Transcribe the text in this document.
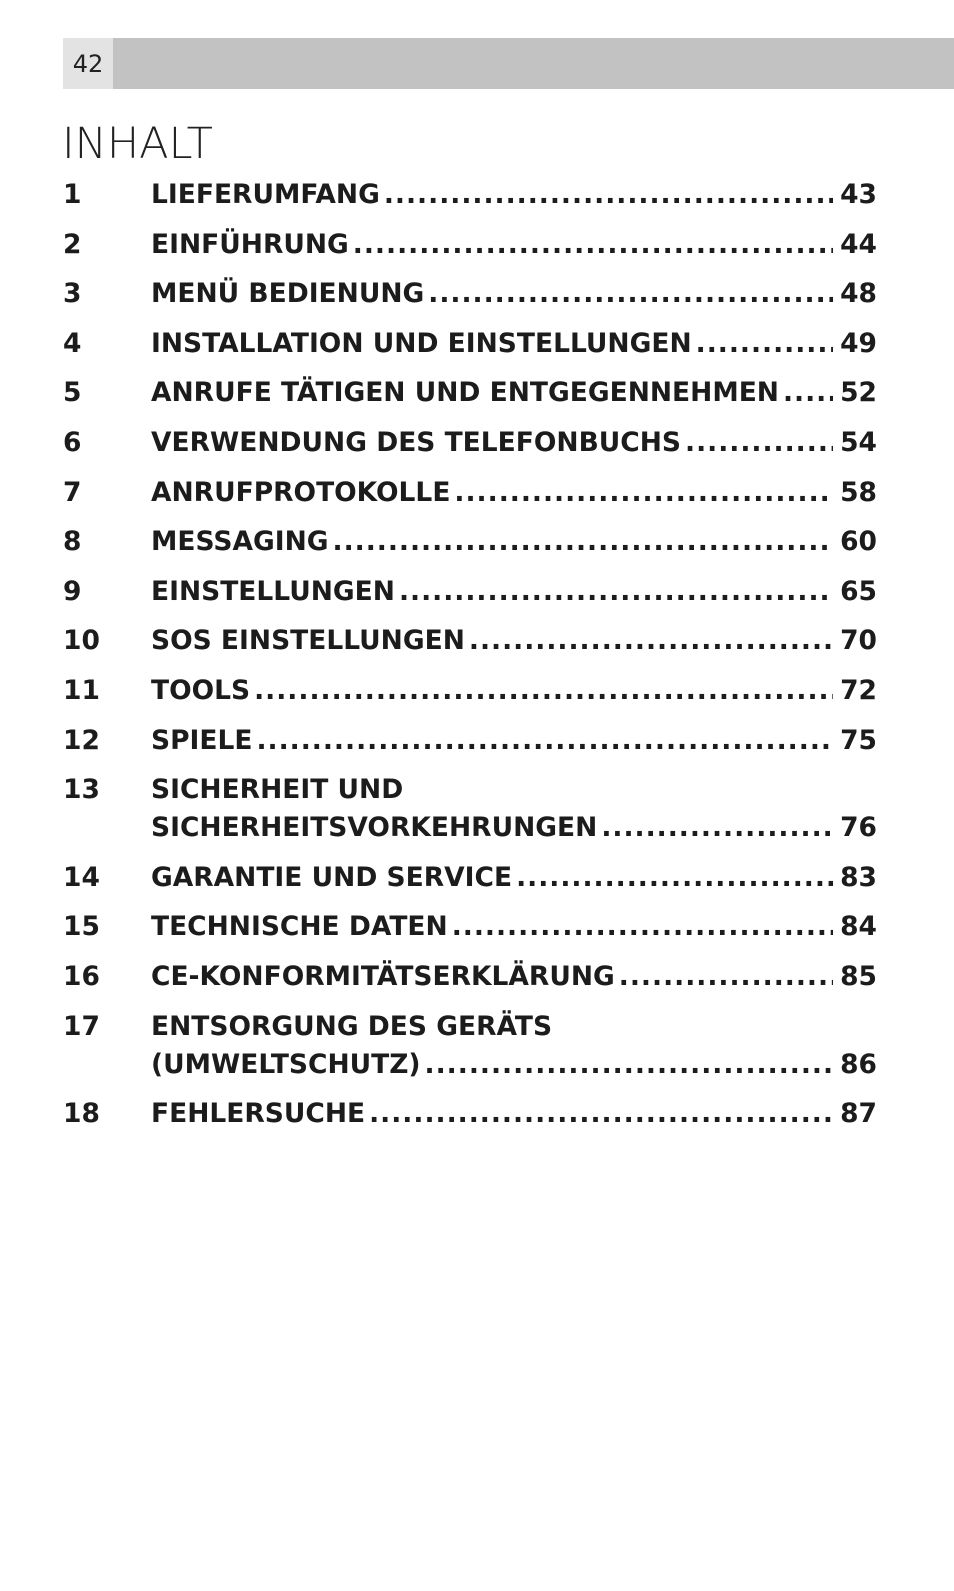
42
INHALT
1	LIEFERUMFANG .....	43
2	EINFÜHRUNG .....	44
3	MENÜ BEDIENUNG .....	48
4	INSTALLATION UND EINSTELLUNGEN .....	49
5	ANRUFE TÄTIGEN UND ENTGEGENNEHMEN ..... 52
6	VERWENDUNG DES TELEFONBUCHS .....	54
7	ANRUFPROTOKOLLE .....	58
8	MESSAGING .....	60
9	EINSTELLUNGEN .....	65
10	SOS EINSTELLUNGEN .....	70
11	TOOLS .....	72
12	SPIELE .....	75
13	SICHERHEIT UND
SICHERHEITSVORKEHRUNGEN .....	76
14	GARANTIE UND SERVICE .....	83
15	TECHNISCHE DATEN .....	84
16	CE-KONFORMITÄTSERKLÄRUNG .....	85
17	ENTSORGUNG DES GERÄTS
(UMWELTSCHUTZ) .....	86
18	FEHLERSUCHE .....	87
